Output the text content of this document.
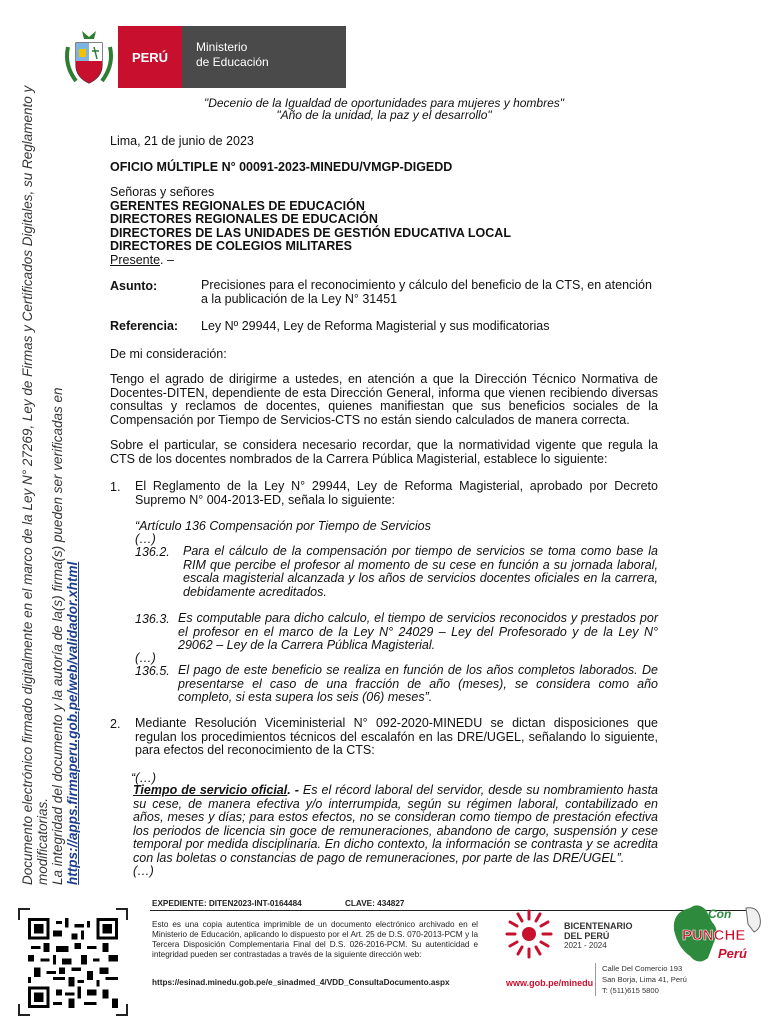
PERÚ
Ministerio
de Educación
"Decenio de la Igualdad de oportunidades para mujeres y hombres"
"Año de la unidad, la paz y el desarrollo"
Lima, 21 de junio de 2023
OFICIO MÚLTIPLE N° 00091-2023-MINEDU/VMGP-DIGEDD
Señoras y señores
GERENTES REGIONALES DE EDUCACIÓN
DIRECTORES REGIONALES DE EDUCACIÓN
DIRECTORES DE LAS UNIDADES DE GESTIÓN EDUCATIVA LOCAL
DIRECTORES DE COLEGIOS MILITARES
Presente. –
Asunto:	Precisiones para el reconocimiento y cálculo del beneficio de la CTS, en atención
a la publicación de la Ley N° 31451
Referencia: Ley Nº 29944, Ley de Reforma Magisterial y sus modificatorias
De mi consideración:
Tengo el agrado de dirigirme a ustedes, en atención a que la Dirección Técnico Normativa de Docentes-DITEN, dependiente de esta Dirección General, informa que vienen recibiendo diversas consultas y reclamos de docentes, quienes manifiestan que sus beneficios sociales de la Compensación por Tiempo de Servicios-CTS no están siendo calculados de manera correcta.
Sobre el particular, se considera necesario recordar, que la normatividad vigente que regula la CTS de los docentes nombrados de la Carrera Pública Magisterial, establece lo siguiente:
1. El Reglamento de la Ley N° 29944, Ley de Reforma Magisterial, aprobado por Decreto Supremo N° 004-2013-ED, señala lo siguiente:
“Artículo 136 Compensación por Tiempo de Servicios
(…)
136.2. Para el cálculo de la compensación por tiempo de servicios se toma como base la RIM que percibe el profesor al momento de su cese en función a su jornada laboral, escala magisterial alcanzada y los años de servicios docentes oficiales en la carrera, debidamente acreditados.
136.3. Es computable para dicho calculo, el tiempo de servicios reconocidos y prestados por el profesor en el marco de la Ley N° 24029 – Ley del Profesorado y de la Ley N° 29062 – Ley de la Carrera Pública Magisterial.
(…)
136.5. El pago de este beneficio se realiza en función de los años completos laborados. De presentarse el caso de una fracción de año (meses), se considera como año completo, si esta supera los seis (06) meses”.
2. Mediante Resolución Viceministerial N° 092-2020-MINEDU se dictan disposiciones que regulan los procedimientos técnicos del escalafón en las DRE/UGEL, señalando lo siguiente, para efectos del reconocimiento de la CTS:
“(…)
Tiempo de servicio oficial. - Es el récord laboral del servidor, desde su nombramiento hasta su cese, de manera efectiva y/o interrumpida, según su régimen laboral, contabilizado en años, meses y días; para estos efectos, no se consideran como tiempo de prestación efectiva los periodos de licencia sin goce de remuneraciones, abandono de cargo, suspensión y cese temporal por medida disciplinaria. En dicho contexto, la información se contrasta y se acredita con las boletas o constancias de pago de remuneraciones, por parte de las DRE/UGEL”.
(…)
Documento electrónico firmado digitalmente en el marco de la Ley N° 27269, Ley de Firmas y Certificados Digitales, su Reglamento y modificatorias. La integridad del documento y la autoría de la(s) firma(s) pueden ser verificadas en https://apps.firmaperu.gob.pe/web/validador.xhtml
EXPEDIENTE: DITEN2023-INT-0164484	CLAVE: 434827
Esto es una copia autentica imprimible de un documento electrónico archivado en el Ministerio de Educación, aplicando lo dispuesto por el Art. 25 de D.S. 070-2013-PCM y la Tercera Disposición Complementaria Final del D.S. 026-2016-PCM. Su autenticidad e integridad pueden ser contrastadas a través de la siguiente dirección web:
https://esinad.minedu.gob.pe/e_sinadmed_4/VDD_ConsultaDocumento.aspx
BICENTENARIO
DEL PERÚ
2021 - 2024
www.gob.pe/minedu
Calle Del Comercio 193
San Borja, Lima 41, Perú
T: (511)615 5800
Con
PUNCHE
Perú
